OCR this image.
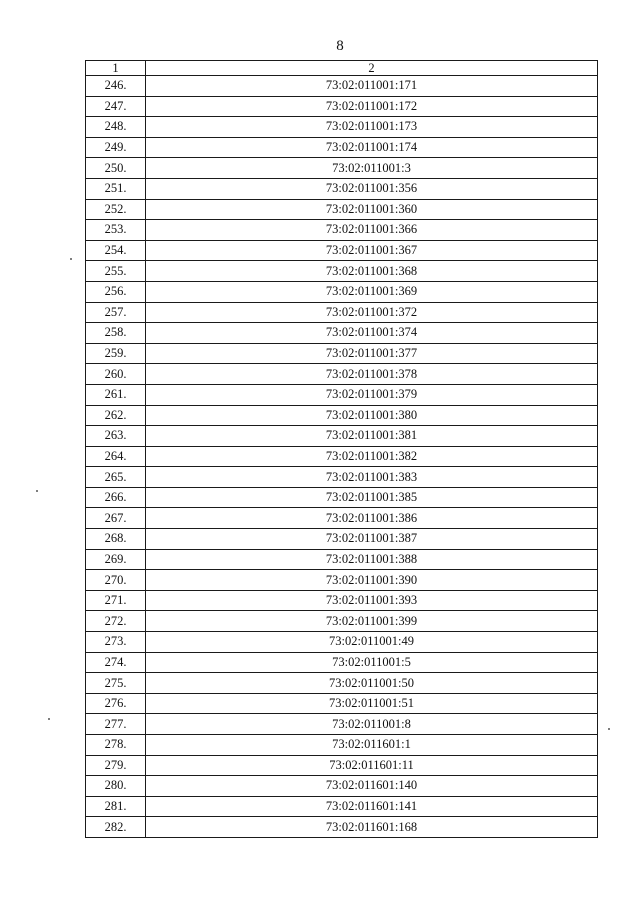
8
1	2
246.	73:02:011001:171
247.	73:02:011001:172
248.	73:02:011001:173
249.	73:02:011001:174
250.	73:02:011001:3
251.	73:02:011001:356
252.	73:02:011001:360
253.	73:02:011001:366
254.	73:02:011001:367
255.	73:02:011001:368
256.	73:02:011001:369
257.	73:02:011001:372
258.	73:02:011001:374
259.	73:02:011001:377
260.	73:02:011001:378
261.	73:02:011001:379
262.	73:02:011001:380
263.	73:02:011001:381
264.	73:02:011001:382
265.	73:02:011001:383
266.	73:02:011001:385
267.	73:02:011001:386
268.	73:02:011001:387
269.	73:02:011001:388
270.	73:02:011001:390
271.	73:02:011001:393
272.	73:02:011001:399
273.	73:02:011001:49
274.	73:02:011001:5
275.	73:02:011001:50
276.	73:02:011001:51
277.	73:02:011001:8
278.	73:02:011601:1
279.	73:02:011601:11
280.	73:02:011601:140
281.	73:02:011601:141
282.	73:02:011601:168
